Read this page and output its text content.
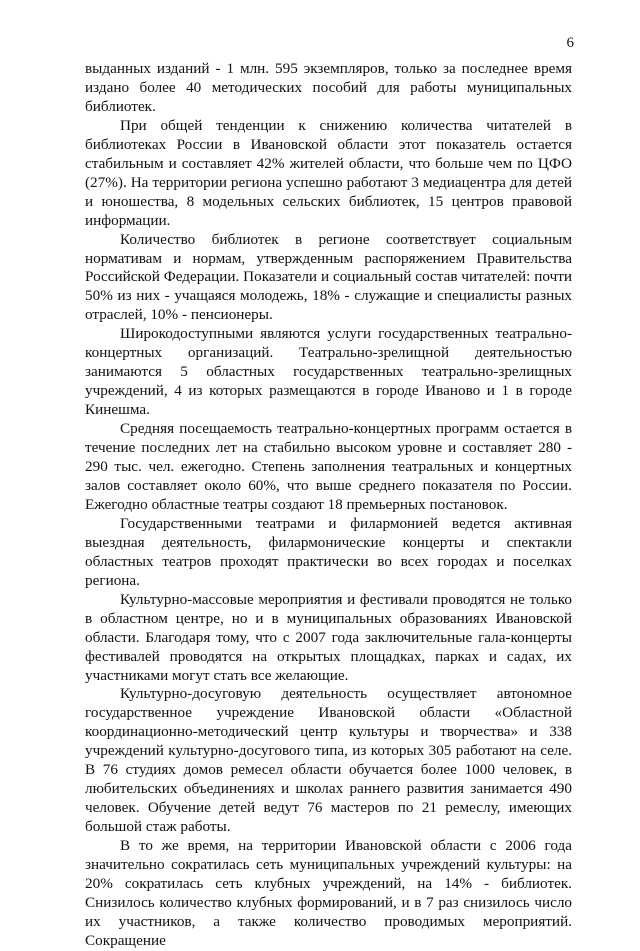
6

выданных изданий - 1 млн. 595 экземпляров, только за последнее время издано более 40 методических пособий для работы муниципальных библиотек.

При общей тенденции к снижению количества читателей в библиотеках России в Ивановской области этот показатель остается стабильным и составляет 42% жителей области, что больше чем по ЦФО (27%). На территории региона успешно работают 3 медиацентра для детей и юношества, 8 модельных сельских библиотек, 15 центров правовой информации.

Количество библиотек в регионе соответствует социальным нормативам и нормам, утвержденным распоряжением Правительства Российской Федерации. Показатели и социальный состав читателей: почти 50% из них - учащаяся молодежь, 18% - служащие и специалисты разных отраслей, 10% - пенсионеры.

Широкодоступными являются услуги государственных театрально-концертных организаций. Театрально-зрелищной деятельностью занимаются 5 областных государственных театрально-зрелищных учреждений, 4 из которых размещаются в городе Иваново и 1 в городе Кинешма.

Средняя посещаемость театрально-концертных программ остается в течение последних лет на стабильно высоком уровне и составляет 280 - 290 тыс. чел. ежегодно. Степень заполнения театральных и концертных залов составляет около 60%, что выше среднего показателя по России. Ежегодно областные театры создают 18 премьерных постановок.

Государственными театрами и филармонией ведется активная выездная деятельность, филармонические концерты и спектакли областных театров проходят практически во всех городах и поселках региона.

Культурно-массовые мероприятия и фестивали проводятся не только в областном центре, но и в муниципальных образованиях Ивановской области. Благодаря тому, что с 2007 года заключительные гала-концерты фестивалей проводятся на открытых площадках, парках и садах, их участниками могут стать все желающие.

Культурно-досуговую деятельность осуществляет автономное государственное учреждение Ивановской области «Областной координационно-методический центр культуры и творчества» и 338 учреждений культурно-досугового типа, из которых 305 работают на селе. В 76 студиях домов ремесел области обучается более 1000 человек, в любительских объединениях и школах раннего развития занимается 490 человек. Обучение детей ведут 76 мастеров по 21 ремеслу, имеющих большой стаж работы.

В то же время, на территории Ивановской области с 2006 года значительно сократилась сеть муниципальных учреждений культуры: на 20% сократилась сеть клубных учреждений, на 14% - библиотек. Снизилось количество клубных формирований, и в 7 раз снизилось число их участников, а также количество проводимых мероприятий. Сокращение
